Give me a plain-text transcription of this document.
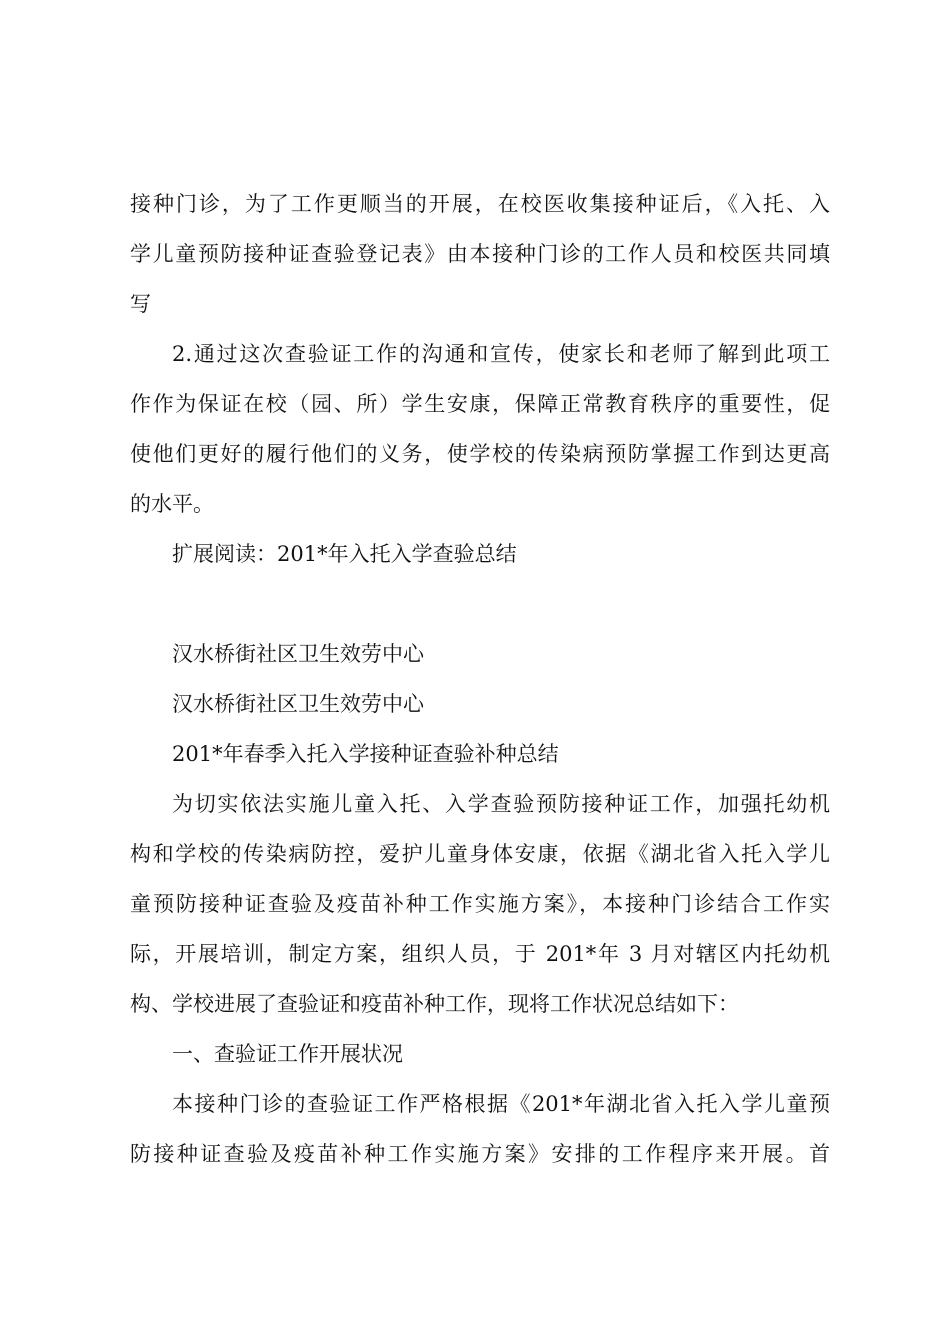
接种门诊，为了工作更顺当的开展，在校医收集接种证后，《入托、入
学儿童预防接种证查验登记表》由本接种门诊的工作人员和校医共同填
写
2.通过这次查验证工作的沟通和宣传，使家长和老师了解到此项工
作作为保证在校（园、所）学生安康，保障正常教育秩序的重要性，促
使他们更好的履行他们的义务，使学校的传染病预防掌握工作到达更高
的水平。
扩展阅读：201*年入托入学查验总结
汉水桥街社区卫生效劳中心
汉水桥街社区卫生效劳中心
201*年春季入托入学接种证查验补种总结
为切实依法实施儿童入托、入学查验预防接种证工作，加强托幼机
构和学校的传染病防控，爱护儿童身体安康，依据《湖北省入托入学儿
童预防接种证查验及疫苗补种工作实施方案》，本接种门诊结合工作实
际，开展培训，制定方案，组织人员，于 201*年 3 月对辖区内托幼机
构、学校进展了查验证和疫苗补种工作，现将工作状况总结如下：
一、查验证工作开展状况
本接种门诊的查验证工作严格根据《201*年湖北省入托入学儿童预
防接种证查验及疫苗补种工作实施方案》安排的工作程序来开展。首
